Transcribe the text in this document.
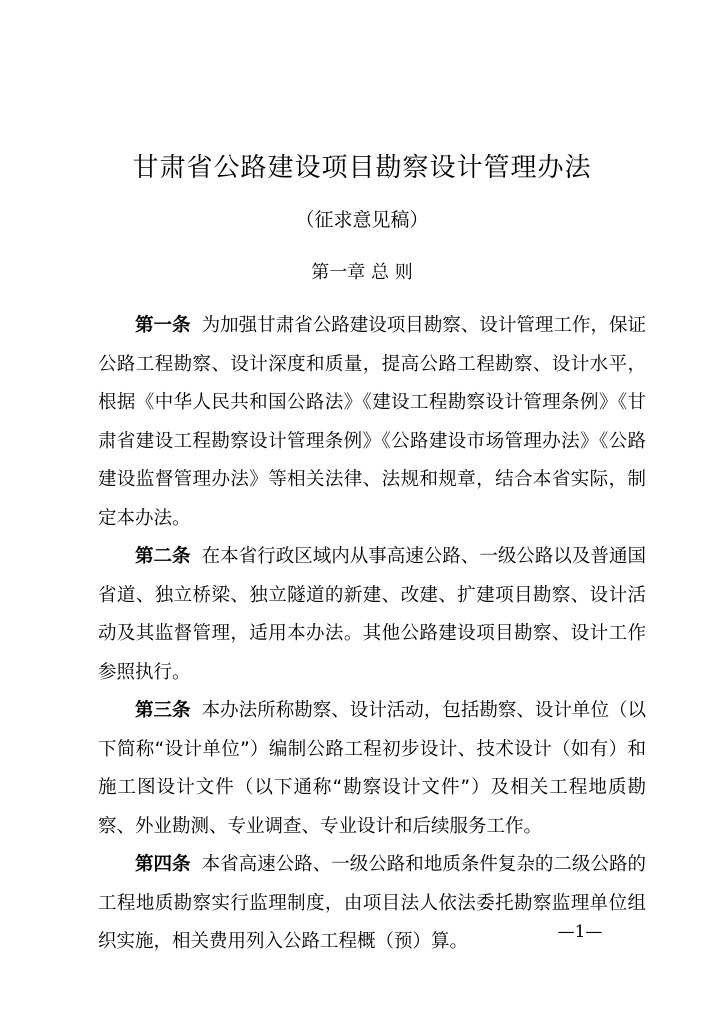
甘肃省公路建设项目勘察设计管理办法
（征求意见稿）
第一章 总 则

第一条 为加强甘肃省公路建设项目勘察、设计管理工作，保证公路工程勘察、设计深度和质量，提高公路工程勘察、设计水平，根据《中华人民共和国公路法》《建设工程勘察设计管理条例》《甘肃省建设工程勘察设计管理条例》《公路建设市场管理办法》《公路建设监督管理办法》等相关法律、法规和规章，结合本省实际，制定本办法。

第二条 在本省行政区域内从事高速公路、一级公路以及普通国省道、独立桥梁、独立隧道的新建、改建、扩建项目勘察、设计活动及其监督管理，适用本办法。其他公路建设项目勘察、设计工作参照执行。

第三条 本办法所称勘察、设计活动，包括勘察、设计单位（以下简称“设计单位”）编制公路工程初步设计、技术设计（如有）和施工图设计文件（以下通称“勘察设计文件”）及相关工程地质勘察、外业勘测、专业调查、专业设计和后续服务工作。

第四条 本省高速公路、一级公路和地质条件复杂的二级公路的工程地质勘察实行监理制度，由项目法人依法委托勘察监理单位组织实施，相关费用列入公路工程概（预）算。	—1—
